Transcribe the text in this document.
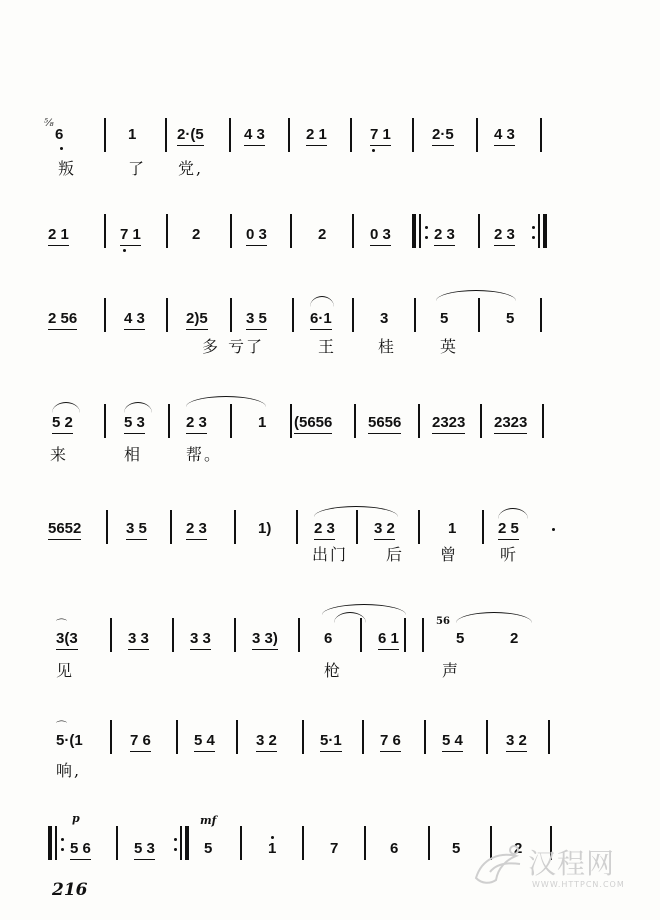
⁵⁄₈
6	1	2·(5	4 3	2 1	7 1	2·5	4 3
叛	了 党,
2 1	7 1	2	0 3	2	0 3	2 3	2 3
2 56	4 3	2)5	3 5	6·1	3	5	5
多 亏了	王	桂	英
5 2	5 3	2 3	1 (5656 5656 2323 2323
来	相	帮。
5652	3 5	2 3	1)	2 3	3 2	1	2 5
出门 后 曾	听
⌒
3(3	3 3	3 3	3 3)	6	6 1
56
5	2
见	枪	声
⌒
5·(1	7 6	5 4	3 2	5·1	7 6	5 4	3 2
响,
p	mf
5 6	5 3	5	1	7	6	5	2
216
汉程网
WWW.HTTPCN.COM
